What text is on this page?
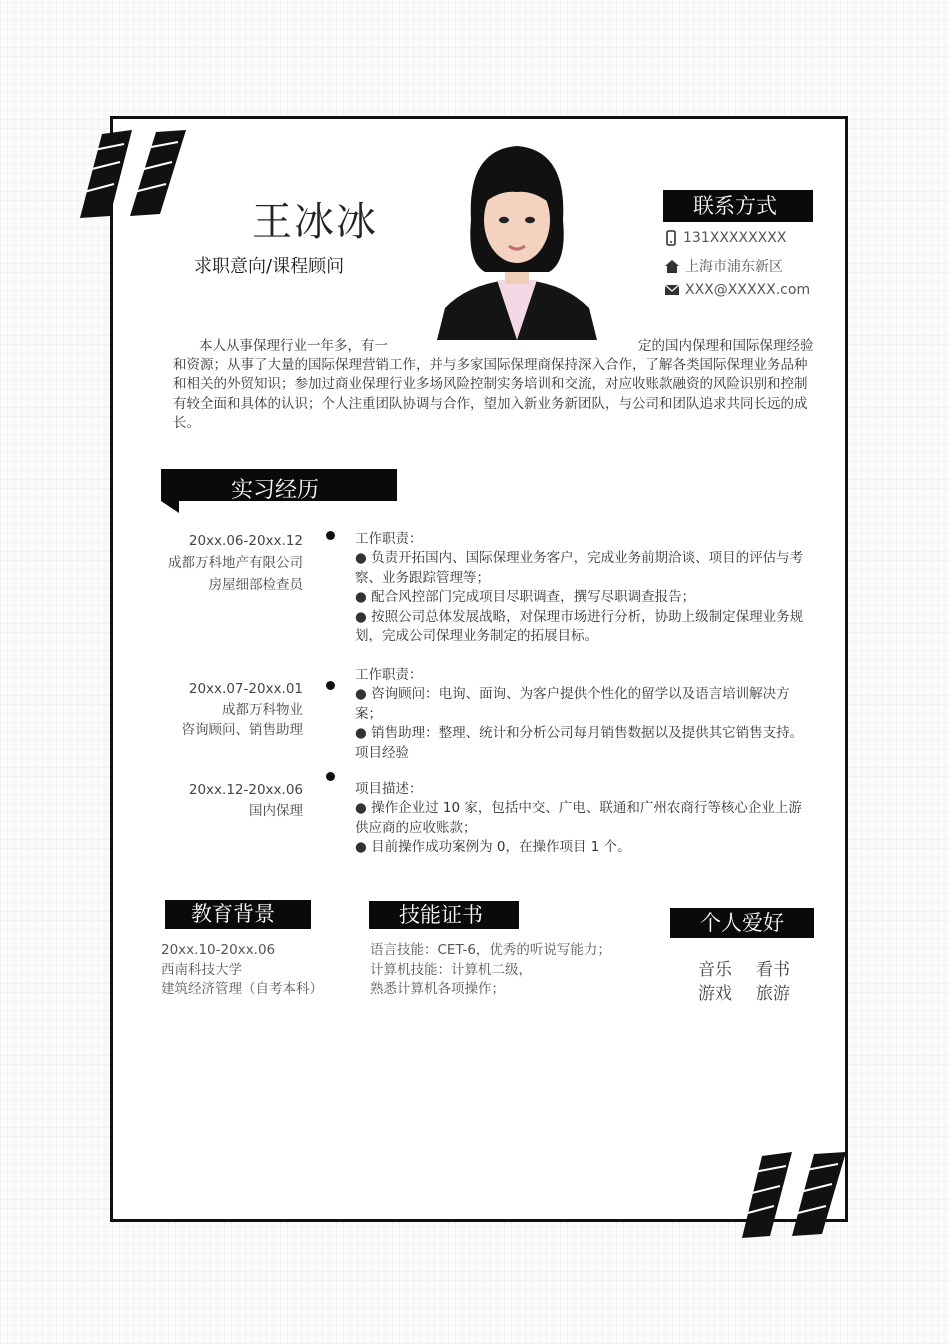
王冰冰
求职意向/课程顾问
联系方式
131XXXXXXXX
上海市浦东新区
XXX@XXXXX.com
本人从事保理行业一年多，有一	定的国内保理和国际保理经验和资源；从事了大量的国际保理营销工作，并与多家国际保理商保持深入合作，了解各类国际保理业务品种和相关的外贸知识；参加过商业保理行业多场风险控制实务培训和交流，对应收账款融资的风险识别和控制有较全面和具体的认识；个人注重团队协调与合作，望加入新业务新团队，与公司和团队追求共同长远的成长。
实习经历
20xx.06-20xx.12
成都万科地产有限公司
房屋细部检查员

工作职责：

● 负责开拓国内、国际保理业务客户，完成业务前期洽谈、项目的评估与考察、业务跟踪管理等；

● 配合风控部门完成项目尽职调查，撰写尽职调查报告；

● 按照公司总体发展战略，对保理市场进行分析，协助上级制定保理业务规划，完成公司保理业务制定的拓展目标。

20xx.07-20xx.01
成都万科物业
咨询顾问、销售助理

工作职责：

● 咨询顾问：电询、面询、为客户提供个性化的留学以及语言培训解决方案；

● 销售助理：整理、统计和分析公司每月销售数据以及提供其它销售支持。

项目经验

20xx.12-20xx.06
国内保理

项目描述：

● 操作企业过 10 家，包括中交、广电、联通和广州农商行等核心企业上游供应商的应收账款；

● 目前操作成功案例为 0，在操作项目 1 个。

教育背景
20xx.10-20xx.06
西南科技大学
建筑经济管理（自考本科）
技能证书
语言技能：CET-6，优秀的听说写能力；
计算机技能：计算机二级，
熟悉计算机各项操作；
个人爱好
音乐 看书
游戏 旅游
